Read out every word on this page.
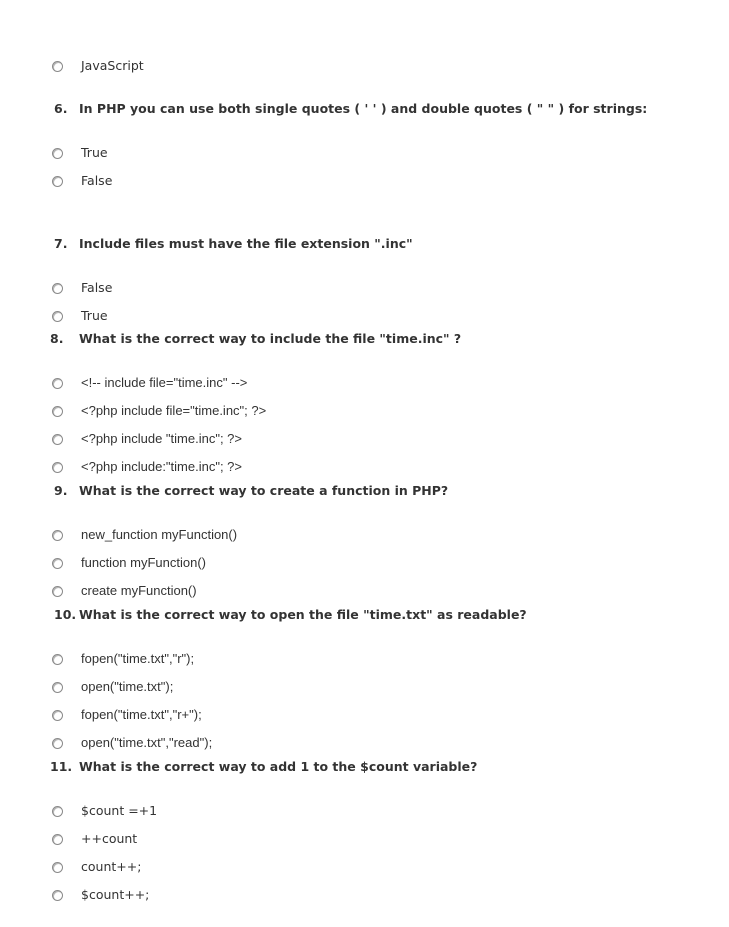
JavaScript
6. In PHP you can use both single quotes ( ' ' ) and double quotes ( " " ) for strings:
True
False
7. Include files must have the file extension ".inc"
False
True
8. What is the correct way to include the file "time.inc" ?
<!-- include file="time.inc" -->
<?php include file="time.inc"; ?>
<?php include "time.inc"; ?>
<?php include:"time.inc"; ?>
9. What is the correct way to create a function in PHP?
new_function myFunction()
function myFunction()
create myFunction()
10. What is the correct way to open the file "time.txt" as readable?
fopen("time.txt","r");
open("time.txt");
fopen("time.txt","r+");
open("time.txt","read");
11. What is the correct way to add 1 to the $count variable?
$count =+1
++count
count++;
$count++;
